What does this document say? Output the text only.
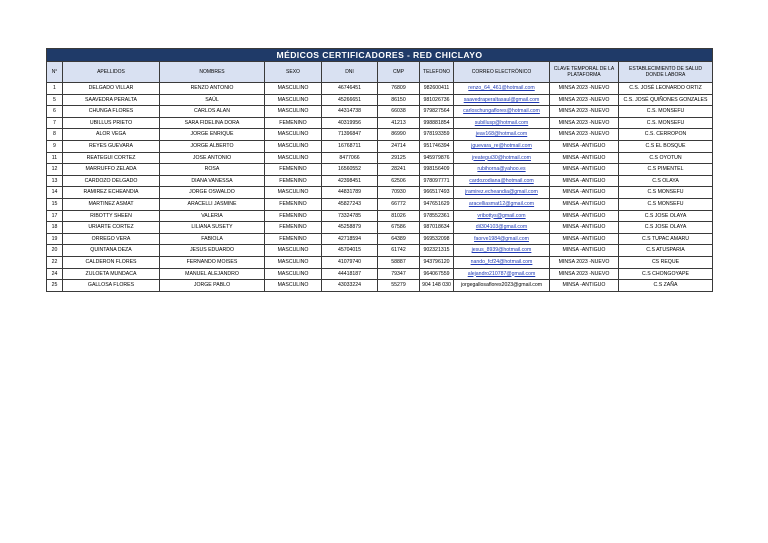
MÉDICOS CERTIFICADORES - RED CHICLAYO									
N°	APELLIDOS	NOMBRES	SEXO	DNI	CMP	TELEFONO	CORREO ELECTRÓNICO	CLAVE TEMPORAL DE LA PLATAFORMA	ESTABLECIMIENTO DE SALUD DONDE LABORA
1	DELGADO VILLAR	RENZO ANTONIO	MASCULINO	46746451	76809	982600411	renzo_64_461@hotmail.com	MINSA 2023 -NUEVO	C.S. JOSÉ LEONARDO ORTIZ
5	SAAVEDRA PERALTA	SAÚL	MASCULINO	45266651	86150	981026736	saavedraperaltasaul@gmail.com	MINSA 2023 -NUEVO	C.S. JOSÉ QUIÑONES GONZALES
6	CHUNGA FLORES	CARLOS ALAN	MASCULINO	44314738	66038	979827564	carloschungaflores@hotmail.com	MINSA 2023 -NUEVO	C.S. MONSEFU
7	UBILLUS PRIETO	SARA FIDELINA DORA	FEMENINO	40319956	41213	998881854	subillusp@hotmail.com	MINSA 2023 -NUEVO	C.S. MONSEFU
8	ALOR VEGA	JORGE ENRIQUE	MASCULINO	71396847	86990	978193359	jeav168@hotmail.com	MINSA 2023 -NUEVO	C.S. CERROPON
9	REYES GUEVARA	JORGE ALBERTO	MASCULINO	16768711	24714	951746394	jguevara_re@hotmail.com	MINSA -ANTIGUO	C.S EL BOSQUE
11	REATEGUI CORTEZ	JOSE ANTONIO	MASCULINO	8477066	29125	945979876	jreategui30@hotmail.com	MINSA -ANTIGUO	C.S OYOTUN
12	MARRUFFO ZELADA	ROSA	FEMENINO	16560552	28241	998156409	rubihorna@yahoo.es	MINSA -ANTIGUO	C.S PIMENTEL
13	CARDOZO DELGADO	DIANA VANESSA	FEMENINO	42398451	62506	978097771	cardozodiana@hotmail.com	MINSA -ANTIGUO	C.S OLAYA
14	RAMIREZ ECHEANDIA	JORGE OSWALDO	MASCULINO	44831789	70930	966517493	jramirez.echeandia@gmail.com	MINSA -ANTIGUO	C.S MONSEFU
15	MARTINEZ ASMAT	ARACELLI JASMINE	FEMENINO	45827243	66772	947651629	aracelliasmat12@gmail.com	MINSA -ANTIGUO	C.S MONSEFU
17	RIBOTTY SHEEN	VALERIA	FEMENINO	73324785	81026	978552361	vribottys@gmail.com	MINSA -ANTIGUO	C.S JOSE OLAYA
18	URIARTE CORTEZ	LILIANA SUSETY	FEMENINO	45258879	67586	987018634	dil304103@gmail.com	MINSA -ANTIGUO	C.S JOSE OLAYA
19	ORREGO VERA	FABIOLA	FEMENINO	42718594	64389	969532098	faorve1984@gmail.com	MINSA -ANTIGUO	C.S TUPAC AMARU
20	QUINTANA DEZA	JESUS EDUARDO	MASCULINO	45704015	61742	902321315	jesus_8939@hotmail.com	MINSA -ANTIGUO	C.S ATUSPARIA
22	CALDERON FLORES	FERNANDO MOISES	MASCULINO	41079740	58887	943796120	nando_fcf24@hotmail.com	MINSA 2023 -NUEVO	CS REQUE
24	ZULOETA MUNDACA	MANUEL ALEJANDRO	MASCULINO	44418187	79347	964067559	alejandro210787@gmail.com	MINSA 2023 -NUEVO	C.S CHONGOYAPE
25	GALLOSA FLORES	JORGE PABLO	MASCULINO	43033224	55279	904 148 030	jorgegallosaflores2023@gmail.com	MINSA -ANTIGUO	C.S ZAÑA
